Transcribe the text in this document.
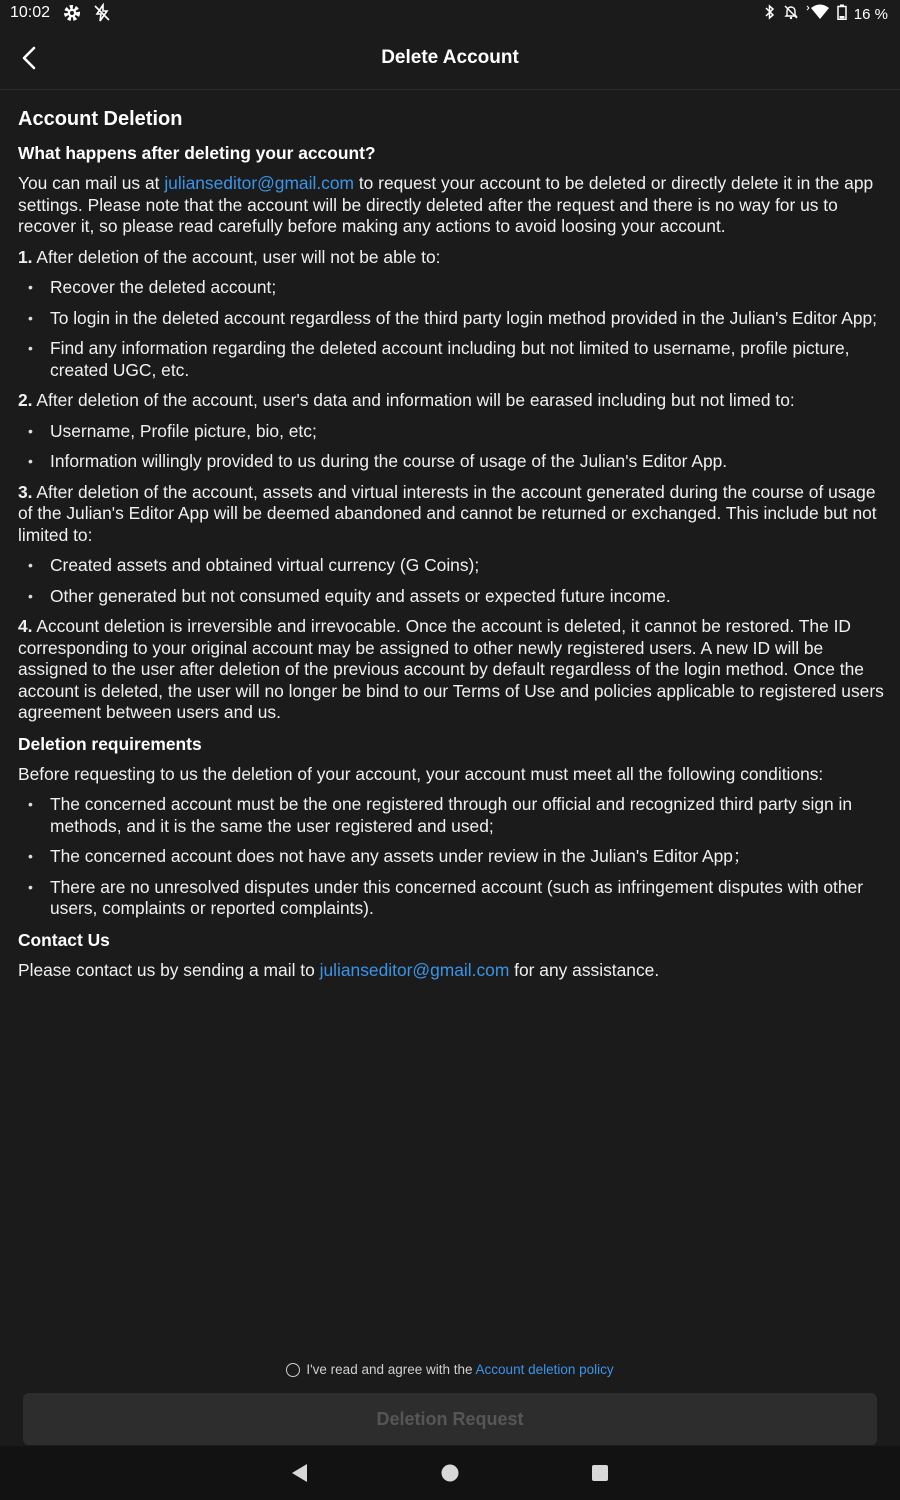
10:02	16 %
Delete Account
Account Deletion
What happens after deleting your account?

You can mail us at julianseditor@gmail.com to request your account to be deleted or directly delete it in the app settings. Please note that the account will be directly deleted after the request and there is no way for us to recover it, so please read carefully before making any actions to avoid loosing your account.

1. After deletion of the account, user will not be able to:

• Recover the deleted account;
• To login in the deleted account regardless of the third party login method provided in the Julian's Editor App;
• Find any information regarding the deleted account including but not limited to username, profile picture, created UGC, etc.

2. After deletion of the account, user's data and information will be earased including but not limed to:

• Username, Profile picture, bio, etc;
• Information willingly provided to us during the course of usage of the Julian's Editor App.

3. After deletion of the account, assets and virtual interests in the account generated during the course of usage of the Julian's Editor App will be deemed abandoned and cannot be returned or exchanged. This include but not limited to:

• Created assets and obtained virtual currency (G Coins);
• Other generated but not consumed equity and assets or expected future income.

4. Account deletion is irreversible and irrevocable. Once the account is deleted, it cannot be restored. The ID corresponding to your original account may be assigned to other newly registered users. A new ID will be assigned to the user after deletion of the previous account by default regardless of the login method. Once the account is deleted, the user will no longer be bind to our Terms of Use and policies applicable to registered users agreement between users and us.

Deletion requirements

Before requesting to us the deletion of your account, your account must meet all the following conditions:

• The concerned account must be the one registered through our official and recognized third party sign in methods, and it is the same the user registered and used;
• The concerned account does not have any assets under review in the Julian's Editor App；
• There are no unresolved disputes under this concerned account (such as infringement disputes with other users, complaints or reported complaints).
Contact Us

Please contact us by sending a mail to julianseditor@gmail.com for any assistance.

I've read and agree with the Account deletion policy
Deletion Request
